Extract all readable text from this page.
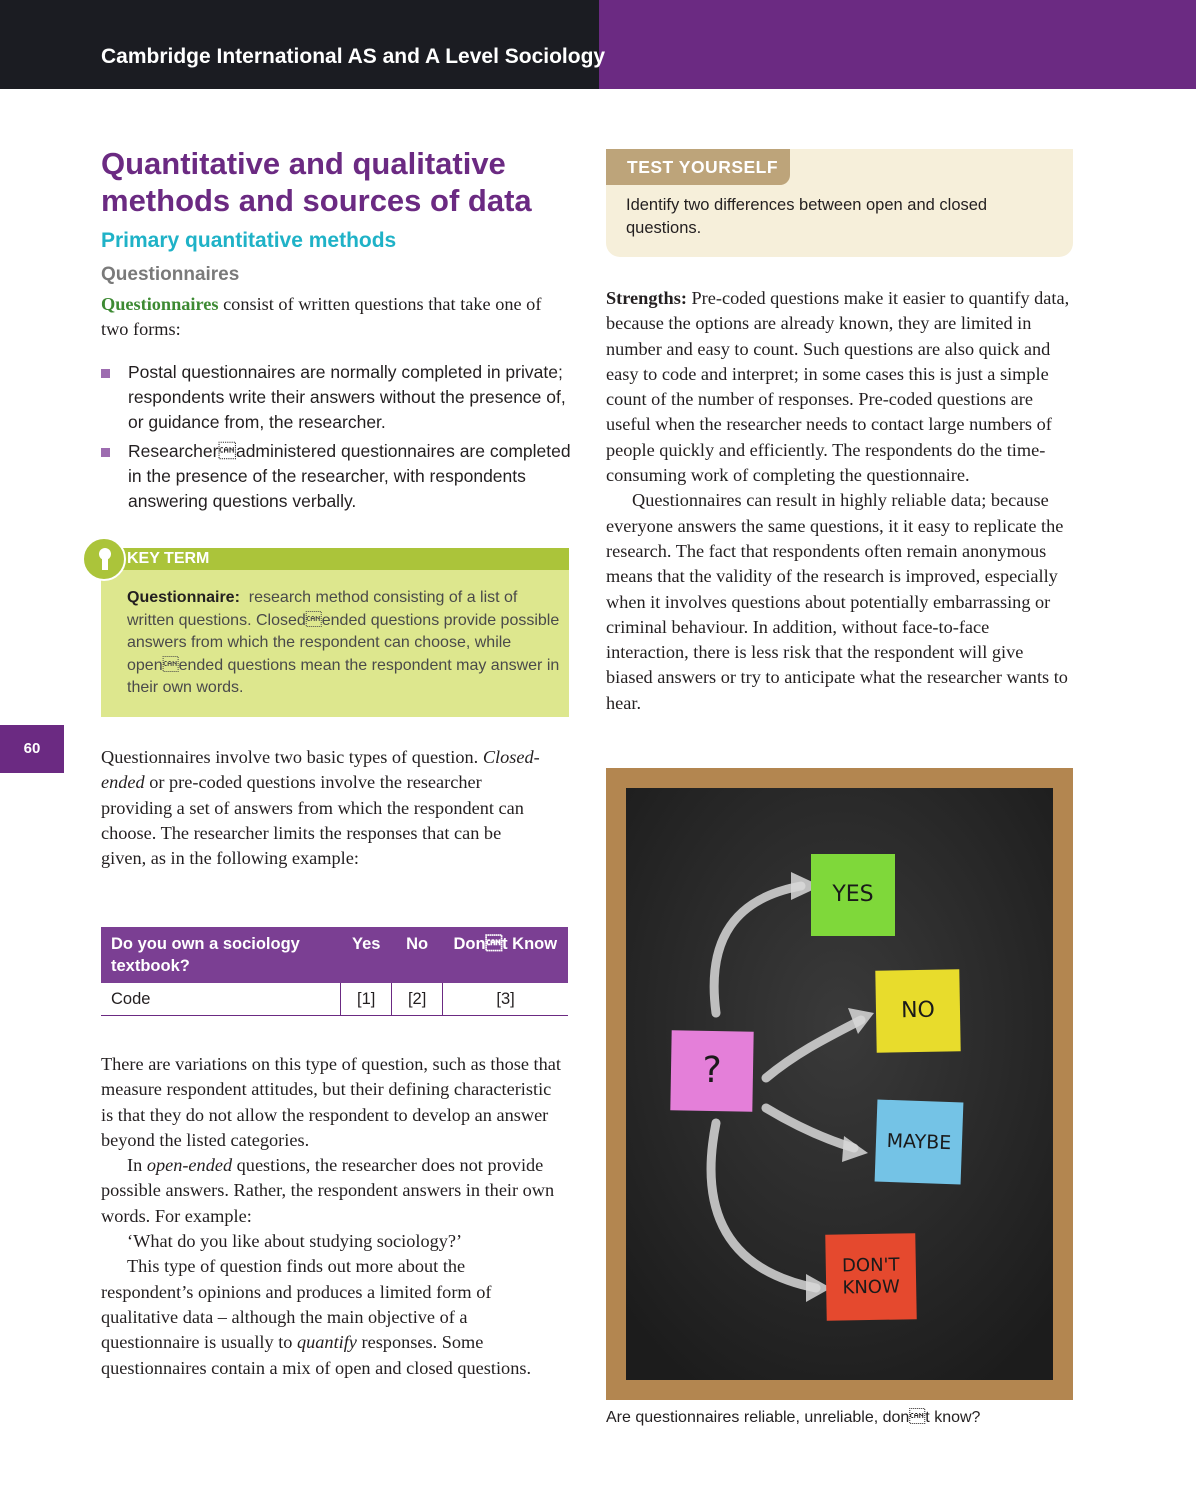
Cambridge International AS and A Level Sociology
Quantitative and qualitative
methods and sources of data
Primary quantitative methods
Questionnaires
Questionnaires consist of written questions that take one of two forms:
Postal questionnaires are normally completed in private; respondents write their answers without the presence of, or guidance from, the researcher.
Researcheradministered questionnaires are completed in the presence of the researcher, with respondents answering questions verbally.
KEY TERM
Questionnaire: research method consisting of a list of written questions. Closedended questions provide possible answers from which the respondent can choose, while openended questions mean the respondent may answer in their own words.
60	Questionnaires involve two basic types of question. Closed-ended or pre-coded questions involve the researcher providing a set of answers from which the respondent can choose. The researcher limits the responses that can be given, as in the following example:
Do you own a sociology textbook?	Yes	No	Dont Know
Code	[1]	[2]	[3]
There are variations on this type of question, such as those that measure respondent attitudes, but their defining characteristic is that they do not allow the respondent to develop an answer beyond the listed categories.
In open-ended questions, the researcher does not provide possible answers. Rather, the respondent answers in their own words. For example:
‘What do you like about studying sociology?’
This type of question finds out more about the respondent’s opinions and produces a limited form of qualitative data – although the main objective of a questionnaire is usually to quantify responses. Some questionnaires contain a mix of open and closed questions.
TEST YOURSELF
Identify two differences between open and closed questions.
Strengths: Pre-coded questions make it easier to quantify data, because the options are already known, they are limited in number and easy to count. Such questions are also quick and easy to code and interpret; in some cases this is just a simple count of the number of responses. Pre-coded questions are useful when the researcher needs to contact large numbers of people quickly and efficiently. The respondents do the time-consuming work of completing the questionnaire.
Questionnaires can result in highly reliable data; because everyone answers the same questions, it it easy to replicate the research. The fact that respondents often remain anonymous means that the validity of the research is improved, especially when it involves questions about potentially embarrassing or criminal behaviour. In addition, without face-to-face interaction, there is less risk that the respondent will give biased answers or try to anticipate what the researcher wants to hear.
?
YES
NO
MAYBE
DON'T
KNOW
Are questionnaires reliable, unreliable, dont know?
